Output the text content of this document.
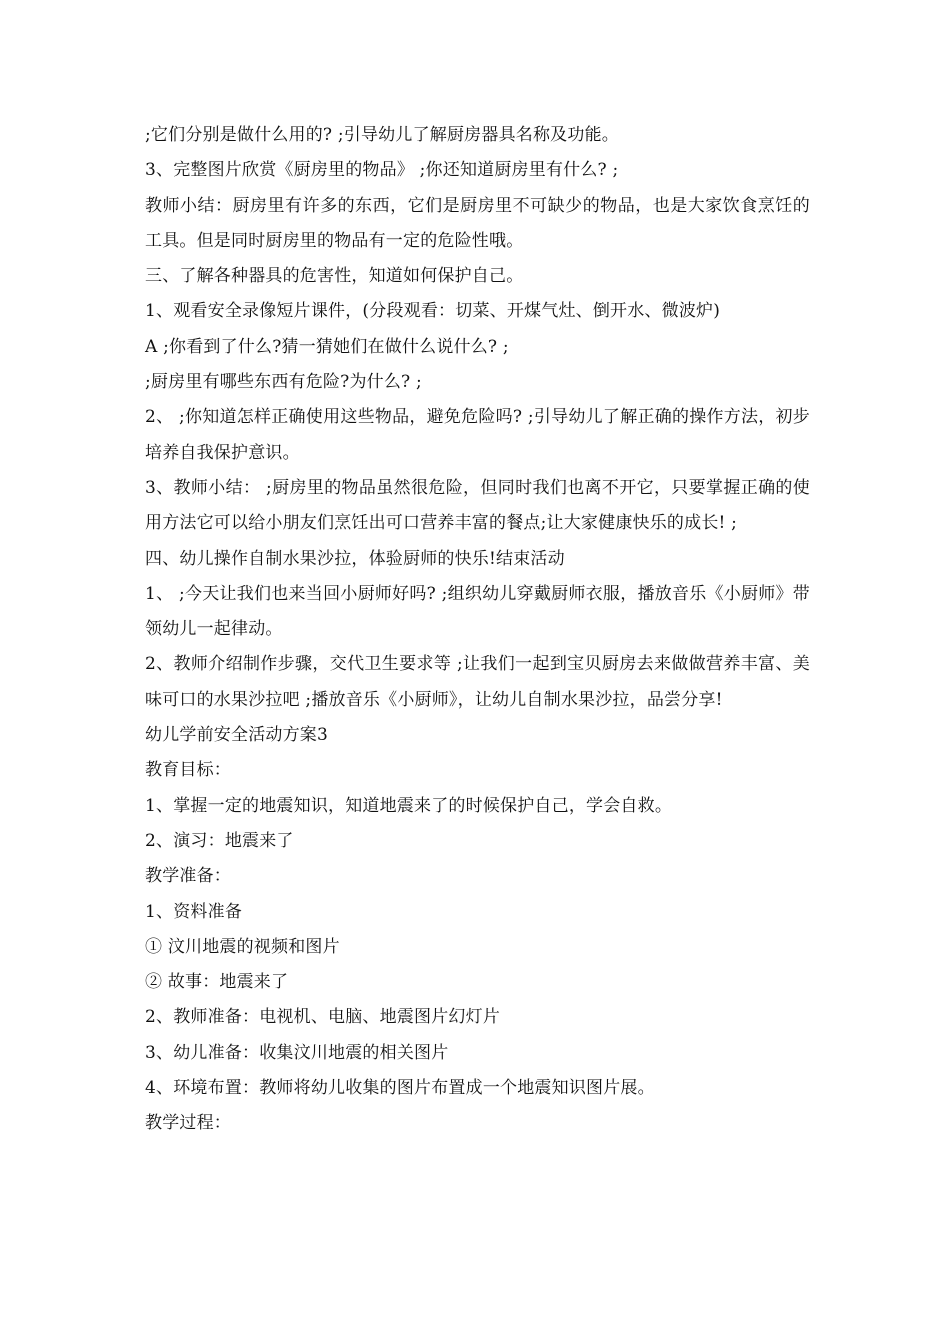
;它们分别是做什么用的? ;引导幼儿了解厨房器具名称及功能。

3、完整图片欣赏《厨房里的物品》 ;你还知道厨房里有什么? ;

教师小结：厨房里有许多的东西，它们是厨房里不可缺少的物品，也是大家饮食烹饪的工具。但是同时厨房里的物品有一定的危险性哦。

三、了解各种器具的危害性，知道如何保护自己。

1、观看安全录像短片课件，(分段观看：切菜、开煤气灶、倒开水、微波炉)

A ;你看到了什么?猜一猜她们在做什么说什么? ;

;厨房里有哪些东西有危险?为什么? ;

2、 ;你知道怎样正确使用这些物品，避免危险吗? ;引导幼儿了解正确的操作方法，初步培养自我保护意识。

3、教师小结： ;厨房里的物品虽然很危险，但同时我们也离不开它，只要掌握正确的使用方法它可以给小朋友们烹饪出可口营养丰富的餐点;让大家健康快乐的成长! ;

四、幼儿操作自制水果沙拉，体验厨师的快乐!结束活动

1、 ;今天让我们也来当回小厨师好吗? ;组织幼儿穿戴厨师衣服，播放音乐《小厨师》带领幼儿一起律动。

2、教师介绍制作步骤，交代卫生要求等 ;让我们一起到宝贝厨房去来做做营养丰富、美味可口的水果沙拉吧 ;播放音乐《小厨师》，让幼儿自制水果沙拉，品尝分享!

幼儿学前安全活动方案3

教育目标：

1、掌握一定的地震知识，知道地震来了的时候保护自己，学会自救。

2、演习：地震来了

教学准备：

1、资料准备

① 汶川地震的视频和图片

② 故事：地震来了

2、教师准备：电视机、电脑、地震图片幻灯片

3、幼儿准备：收集汶川地震的相关图片

4、环境布置：教师将幼儿收集的图片布置成一个地震知识图片展。

教学过程：
